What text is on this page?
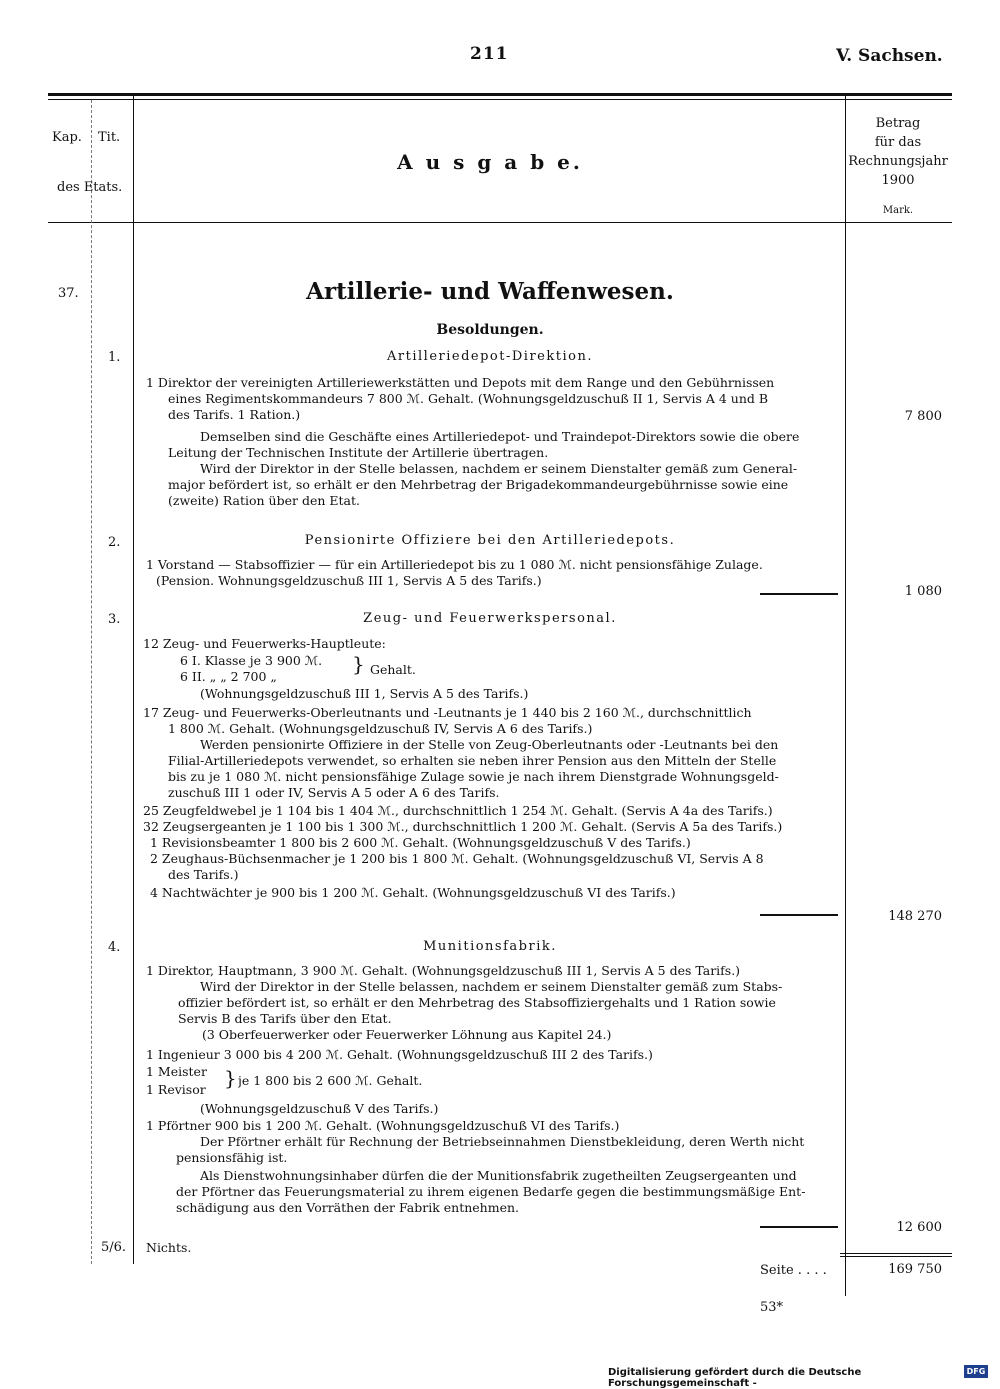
211	V. Sachsen.
Kap. Tit.
des Etats.
A u s g a b e.
Betrag
für das
Rechnungsjahr
1900
Mark.
37.	Artillerie- und Waffenwesen.
Besoldungen.
1.	Artilleriedepot-Direktion.
1 Direktor der vereinigten Artilleriewerkstätten und Depots mit dem Range und den Gebührnissen
eines Regimentskommandeurs 7 800 ℳ. Gehalt. (Wohnungsgeldzuschuß II 1, Servis A 4 und B
des Tarifs. 1 Ration.)
Demselben sind die Geschäfte eines Artilleriedepot- und Traindepot-Direktors sowie die obere
Leitung der Technischen Institute der Artillerie übertragen.
Wird der Direktor in der Stelle belassen, nachdem er seinem Dienstalter gemäß zum General-
major befördert ist, so erhält er den Mehrbetrag der Brigadekommandeurgebührnisse sowie eine
(zweite) Ration über den Etat.
7 800
2.	Pensionirte Offiziere bei den Artilleriedepots.
1 Vorstand — Stabsoffizier — für ein Artilleriedepot bis zu 1 080 ℳ. nicht pensionsfähige Zulage.
(Pension. Wohnungsgeldzuschuß III 1, Servis A 5 des Tarifs.)
1 080
3.	Zeug- und Feuerwerkspersonal.
12 Zeug- und Feuerwerks-Hauptleute:
6 I. Klasse je 3 900 ℳ.
6 II. „ „ 2 700 „
} Gehalt.
(Wohnungsgeldzuschuß III 1, Servis A 5 des Tarifs.)
17 Zeug- und Feuerwerks-Oberleutnants und -Leutnants je 1 440 bis 2 160 ℳ., durchschnittlich
1 800 ℳ. Gehalt. (Wohnungsgeldzuschuß IV, Servis A 6 des Tarifs.)
Werden pensionirte Offiziere in der Stelle von Zeug-Oberleutnants oder -Leutnants bei den
Filial-Artilleriedepots verwendet, so erhalten sie neben ihrer Pension aus den Mitteln der Stelle
bis zu je 1 080 ℳ. nicht pensionsfähige Zulage sowie je nach ihrem Dienstgrade Wohnungsgeld-
zuschuß III 1 oder IV, Servis A 5 oder A 6 des Tarifs.
25 Zeugfeldwebel je 1 104 bis 1 404 ℳ., durchschnittlich 1 254 ℳ. Gehalt. (Servis A 4a des Tarifs.)
32 Zeugsergeanten je 1 100 bis 1 300 ℳ., durchschnittlich 1 200 ℳ. Gehalt. (Servis A 5a des Tarifs.)
1 Revisionsbeamter 1 800 bis 2 600 ℳ. Gehalt. (Wohnungsgeldzuschuß V des Tarifs.)
2 Zeughaus-Büchsenmacher je 1 200 bis 1 800 ℳ. Gehalt. (Wohnungsgeldzuschuß VI, Servis A 8
des Tarifs.)
4 Nachtwächter je 900 bis 1 200 ℳ. Gehalt. (Wohnungsgeldzuschuß VI des Tarifs.)
148 270
4.	Munitionsfabrik.
1 Direktor, Hauptmann, 3 900 ℳ. Gehalt. (Wohnungsgeldzuschuß III 1, Servis A 5 des Tarifs.)
Wird der Direktor in der Stelle belassen, nachdem er seinem Dienstalter gemäß zum Stabs-
offizier befördert ist, so erhält er den Mehrbetrag des Stabsoffiziergehalts und 1 Ration sowie
Servis B des Tarifs über den Etat.
(3 Oberfeuerwerker oder Feuerwerker Löhnung aus Kapitel 24.)
1 Ingenieur 3 000 bis 4 200 ℳ. Gehalt. (Wohnungsgeldzuschuß III 2 des Tarifs.)
1 Meister
1 Revisor } je 1 800 bis 2 600 ℳ. Gehalt.
(Wohnungsgeldzuschuß V des Tarifs.)
1 Pförtner 900 bis 1 200 ℳ. Gehalt. (Wohnungsgeldzuschuß VI des Tarifs.)
Der Pförtner erhält für Rechnung der Betriebseinnahmen Dienstbekleidung, deren Werth nicht
pensionsfähig ist.
Als Dienstwohnungsinhaber dürfen die der Munitionsfabrik zugetheilten Zeugsergeanten und
der Pförtner das Feuerungsmaterial zu ihrem eigenen Bedarfe gegen die bestimmungsmäßige Ent-
schädigung aus den Vorräthen der Fabrik entnehmen.
12 600
5/6. Nichts.
Seite . . . .	169 750
53*
Digitalisierung gefördert durch die Deutsche Forschungsgemeinschaft -
DFG
